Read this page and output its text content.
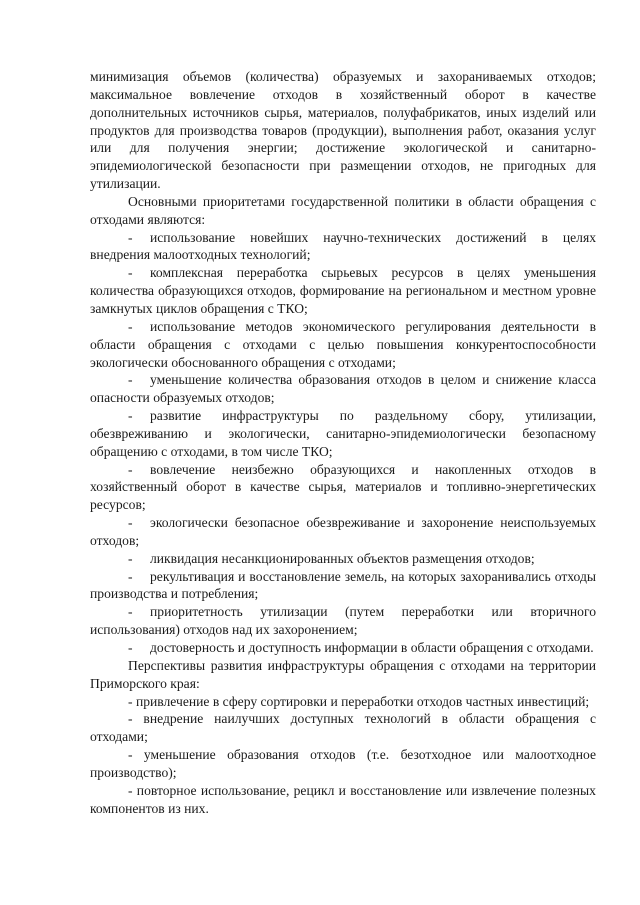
минимизация объемов (количества) образуемых и захораниваемых отходов; максимальное вовлечение отходов в хозяйственный оборот в качестве дополнительных источников сырья, материалов, полуфабрикатов, иных изделий или продуктов для производства товаров (продукции), выполнения работ, оказания услуг или для получения энергии; достижение экологической и санитарно-эпидемиологической безопасности при размещении отходов, не пригодных для утилизации.

Основными приоритетами государственной политики в области обращения с отходами являются:

- использование новейших научно-технических достижений в целях внедрения малоотходных технологий;

- комплексная переработка сырьевых ресурсов в целях уменьшения количества образующихся отходов, формирование на региональном и местном уровне замкнутых циклов обращения с ТКО;

- использование методов экономического регулирования деятельности в области обращения с отходами с целью повышения конкурентоспособности экологически обоснованного обращения с отходами;

- уменьшение количества образования отходов в целом и снижение класса опасности образуемых отходов;

- развитие инфраструктуры по раздельному сбору, утилизации, обезвреживанию и экологически, санитарно-эпидемиологически безопасному обращению с отходами, в том числе ТКО;

- вовлечение неизбежно образующихся и накопленных отходов в хозяйственный оборот в качестве сырья, материалов и топливно-энергетических ресурсов;

- экологически безопасное обезвреживание и захоронение неиспользуемых отходов;

- ликвидация несанкционированных объектов размещения отходов;

- рекультивация и восстановление земель, на которых захоранивались отходы производства и потребления;

- приоритетность утилизации (путем переработки или вторичного использования) отходов над их захоронением;

- достоверность и доступность информации в области обращения с отходами.

Перспективы развития инфраструктуры обращения с отходами на территории Приморского края:

- привлечение в сферу сортировки и переработки отходов частных инвестиций;

- внедрение наилучших доступных технологий в области обращения с отходами;

- уменьшение образования отходов (т.е. безотходное или малоотходное производство);

- повторное использование, рецикл и восстановление или извлечение полезных компонентов из них.
